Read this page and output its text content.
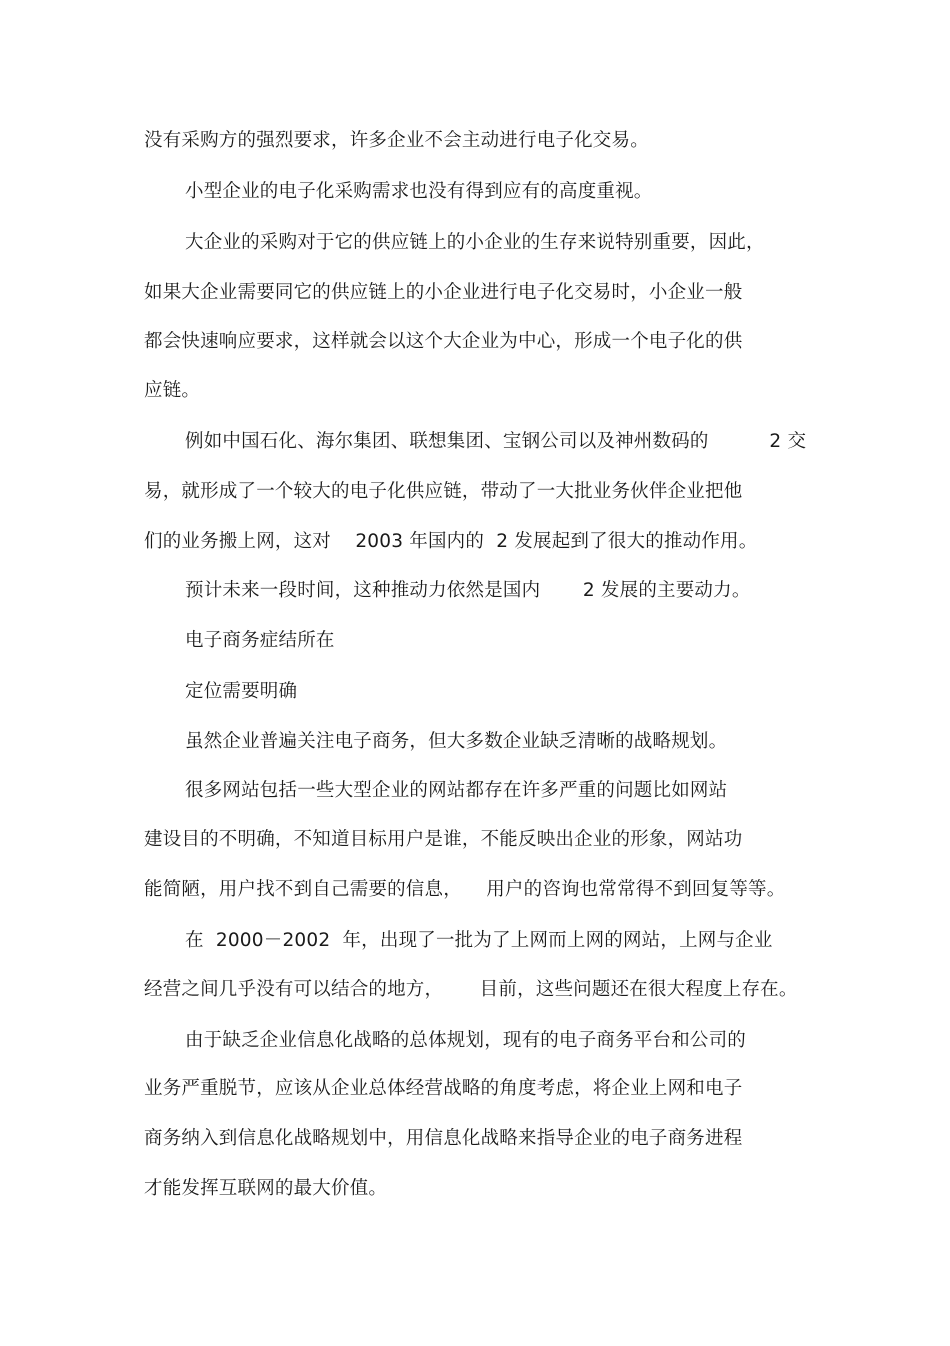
没有采购方的强烈要求，许多企业不会主动进行电子化交易。
小型企业的电子化采购需求也没有得到应有的高度重视。
大企业的采购对于它的供应链上的小企业的生存来说特别重要，因此，
如果大企业需要同它的供应链上的小企业进行电子化交易时，小企业一般
都会快速响应要求，这样就会以这个大企业为中心，形成一个电子化的供
应链。
例如中国石化、海尔集团、联想集团、宝钢公司以及神州数码的          2 交
易，就形成了一个较大的电子化供应链，带动了一大批业务伙伴企业把他
们的业务搬上网，这对    2003 年国内的  2 发展起到了很大的推动作用。
预计未来一段时间，这种推动力依然是国内       2 发展的主要动力。
电子商务症结所在
定位需要明确
虽然企业普遍关注电子商务，但大多数企业缺乏清晰的战略规划。
很多网站包括一些大型企业的网站都存在许多严重的问题比如网站
建设目的不明确，不知道目标用户是谁，不能反映出企业的形象，网站功
能简陋，用户找不到自己需要的信息，    用户的咨询也常常得不到回复等等。
在  2000－2002  年，出现了一批为了上网而上网的网站，上网与企业
经营之间几乎没有可以结合的地方，      目前，这些问题还在很大程度上存在。
由于缺乏企业信息化战略的总体规划，现有的电子商务平台和公司的
业务严重脱节，应该从企业总体经营战略的角度考虑，将企业上网和电子
商务纳入到信息化战略规划中，用信息化战略来指导企业的电子商务进程
才能发挥互联网的最大价值。
